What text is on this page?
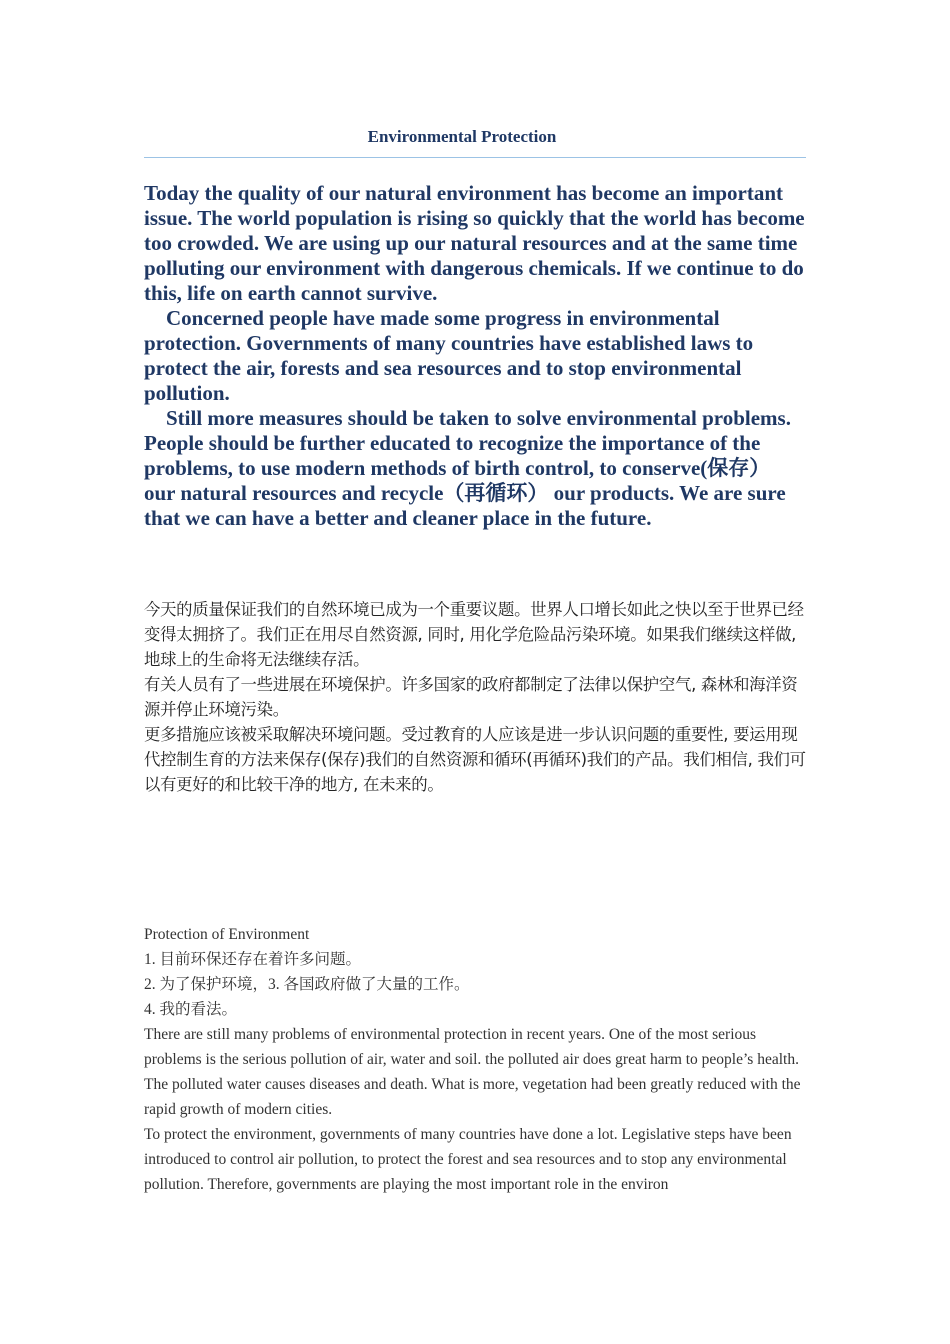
Environmental Protection

Today the quality of our natural environment has become an important issue. The world population is rising so quickly that the world has become too crowded. We are using up our natural resources and at the same time polluting our environment with dangerous chemicals. If we continue to do this, life on earth cannot survive.

Concerned people have made some progress in environmental protection. Governments of many countries have established laws to protect the air, forests and sea resources and to stop environmental pollution.

Still more measures should be taken to solve environmental problems. People should be further educated to recognize the importance of the problems, to use modern methods of birth control, to conserve(保存） our natural resources and recycle（再循环） our products. We are sure that we can have a better and cleaner place in the future.

今天的质量保证我们的自然环境已成为一个重要议题。世界人口增长如此之快以至于世界已经变得太拥挤了。我们正在用尽自然资源, 同时, 用化学危险品污染环境。如果我们继续这样做, 地球上的生命将无法继续存活。

有关人员有了一些进展在环境保护。许多国家的政府都制定了法律以保护空气, 森林和海洋资源并停止环境污染。

更多措施应该被采取解决环境问题。受过教育的人应该是进一步认识问题的重要性, 要运用现代控制生育的方法来保存(保存)我们的自然资源和循环(再循环)我们的产品。我们相信, 我们可以有更好的和比较干净的地方, 在未来的。

Protection of Environment

1. 目前环保还存在着许多问题。

2. 为了保护环境，3. 各国政府做了大量的工作。

4. 我的看法。

There are still many problems of environmental protection in recent years. One of the most serious problems is the serious pollution of air, water and soil. the polluted air does great harm to people’s health. The polluted water causes diseases and death. What is more, vegetation had been greatly reduced with the rapid growth of modern cities.

To protect the environment, governments of many countries have done a lot. Legislative steps have been introduced to control air pollution, to protect the forest and sea resources and to stop any environmental pollution. Therefore, governments are playing the most important role in the environ
